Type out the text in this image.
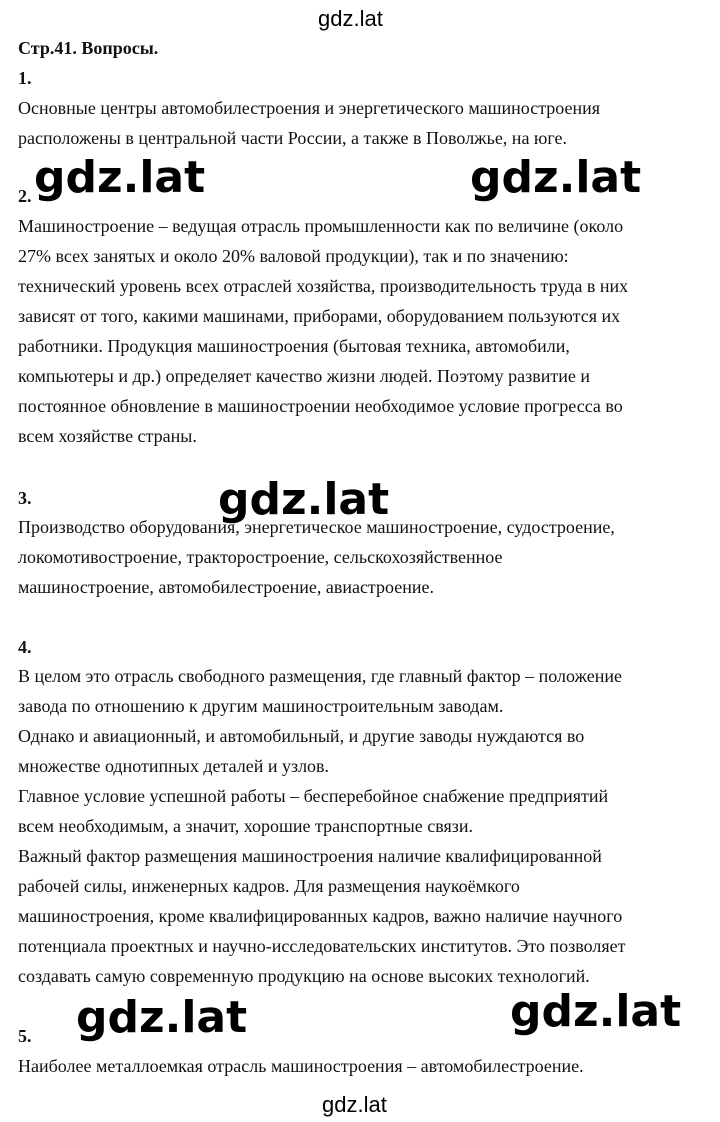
gdz.lat
gdz.lat
Стр.41. Вопросы.
1.
Основные центры автомобилестроения и энергетического машиностроения
расположены в центральной части России, а также в Поволжье, на юге.
2.
Машиностроение – ведущая отрасль промышленности как по величине (около
27% всех занятых и около 20% валовой продукции), так и по значению:
технический уровень всех отраслей хозяйства, производительность труда в них
зависят от того, какими машинами, приборами, оборудованием пользуются их
работники. Продукция машиностроения (бытовая техника, автомобили,
компьютеры и др.) определяет качество жизни людей. Поэтому развитие и
постоянное обновление в машиностроении необходимое условие прогресса во
всем хозяйстве страны.
3.
Производство оборудования, энергетическое машиностроение, судостроение,
локомотивостроение, тракторостроение, сельскохозяйственное
машиностроение, автомобилестроение, авиастроение.
4.
В целом это отрасль свободного размещения, где главный фактор – положение
завода по отношению к другим машиностроительным заводам.
Однако и авиационный, и автомобильный, и другие заводы нуждаются во
множестве однотипных деталей и узлов.
Главное условие успешной работы – бесперебойное снабжение предприятий
всем необходимым, а значит, хорошие транспортные связи.
Важный фактор размещения машиностроения наличие квалифицированной
рабочей силы, инженерных кадров. Для размещения наукоёмкого
машиностроения, кроме квалифицированных кадров, важно наличие научного
потенциала проектных и научно-исследовательских институтов. Это позволяет
создавать самую современную продукцию на основе высоких технологий.
5.
Наиболее металлоемкая отрасль машиностроения – автомобилестроение.
gdz.lat	gdz.lat
gdz.lat
gdz.lat	gdz.lat
